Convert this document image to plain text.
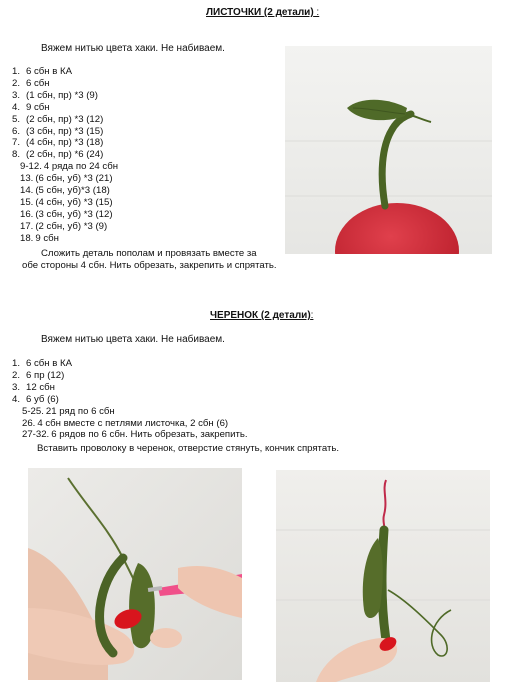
ЛИСТОЧКИ (2 детали) :
Вяжем нитью цвета хаки. Не набиваем.
1. 6 сбн в КА
2. 6 сбн
3. (1 сбн, пр) *3 (9)
4. 9 сбн
5. (2 сбн, пр) *3 (12)
6. (3 сбн, пр) *3 (15)
7. (4 сбн, пр) *3 (18)
8. (2 сбн, пр) *6 (24)
9-12. 4 ряда по 24 сбн
13. (6 сбн, уб) *3 (21)
14. (5 сбн, уб)*3 (18)
15. (4 сбн, уб) *3 (15)
16. (3 сбн, уб) *3 (12)
17. (2 сбн, уб) *3 (9)
18. 9 сбн
Сложить деталь пополам и провязать вместе за
обе стороны 4 сбн. Нить обрезать, закрепить и спрятать.
ЧЕРЕНОК (2 детали):
Вяжем нитью цвета хаки. Не набиваем.
1. 6 сбн в КА
2. 6 пр (12)
3. 12 сбн
4. 6 уб (6)
5-25. 21 ряд по 6 сбн
26. 4 сбн вместе с петлями листочка, 2 сбн (6)
27-32. 6 рядов по 6 сбн. Нить обрезать, закрепить.
Вставить проволоку в черенок, отверстие стянуть, кончик спрятать.
